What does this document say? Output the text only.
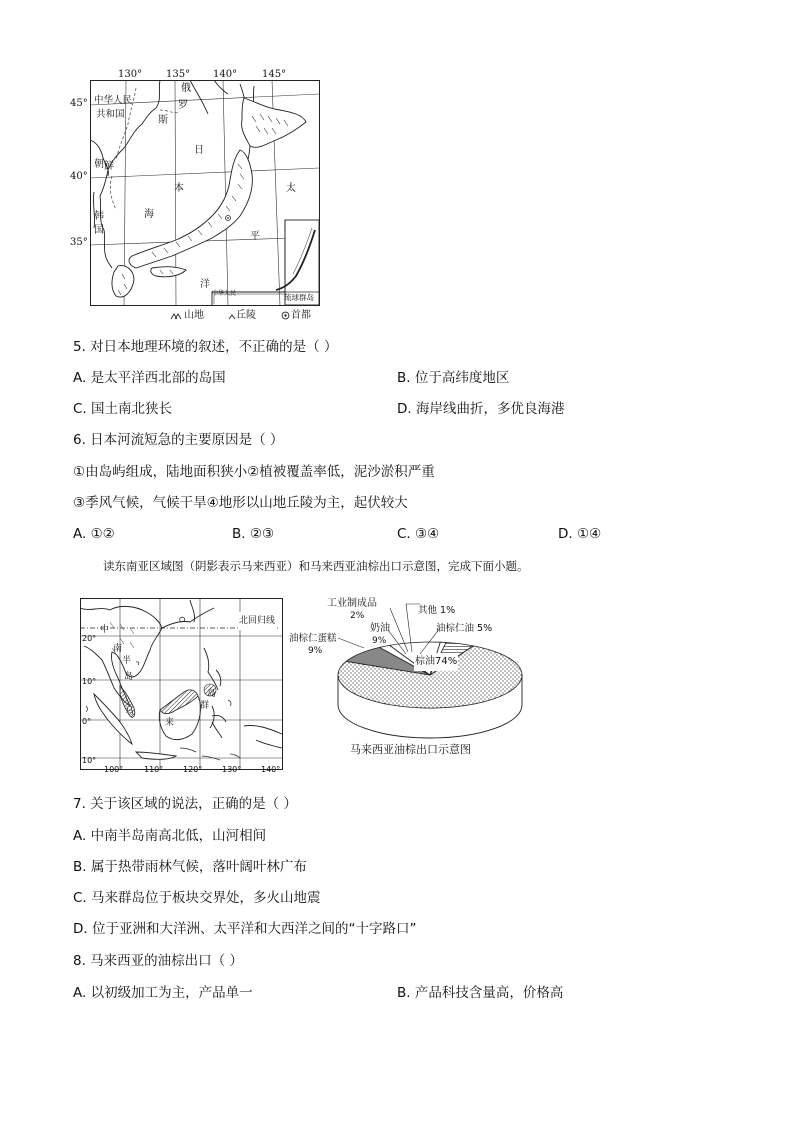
130° 135° 140° 145°
45°
40°
35°
中华人民
共和国
俄
罗
斯
日
本
海
朝 鲜
韩
国
太
平
洋
中华人民	琉球群岛
山地	丘陵	首都
5. 对日本地理环境的叙述，不正确的是（ ）
A. 是太平洋西北部的岛国	B. 位于高纬度地区
C. 国土南北狭长	D. 海岸线曲折，多优良海港
6. 日本河流短急的主要原因是（ ）
①由岛屿组成，陆地面积狭小②植被覆盖率低，泥沙淤积严重
③季风气候，气候干旱④地形以山地丘陵为主，起伏较大
A. ①②	B. ②③	C. ③④	D. ①④
读东南亚区域图（阴影表示马来西亚）和马来西亚油棕出口示意图，完成下面小题。
北回归线
20°
10°
0°
10°
100°	110° 120° 130° 140°
中
南
半
岛
马
来
群
岛
工业制成品
2%	其他 1%
奶油
9%
油棕仁油 5%
油棕仁蛋糕
9%
棕油74%
马来西亚油棕出口示意图
7. 关于该区域的说法，正确的是（ ）
A. 中南半岛南高北低，山河相间
B. 属于热带雨林气候，落叶阔叶林广布
C. 马来群岛位于板块交界处，多火山地震
D. 位于亚洲和大洋洲、太平洋和大西洋之间的“十字路口”
8. 马来西亚的油棕出口（ ）
A. 以初级加工为主，产品单一	B. 产品科技含量高，价格高
